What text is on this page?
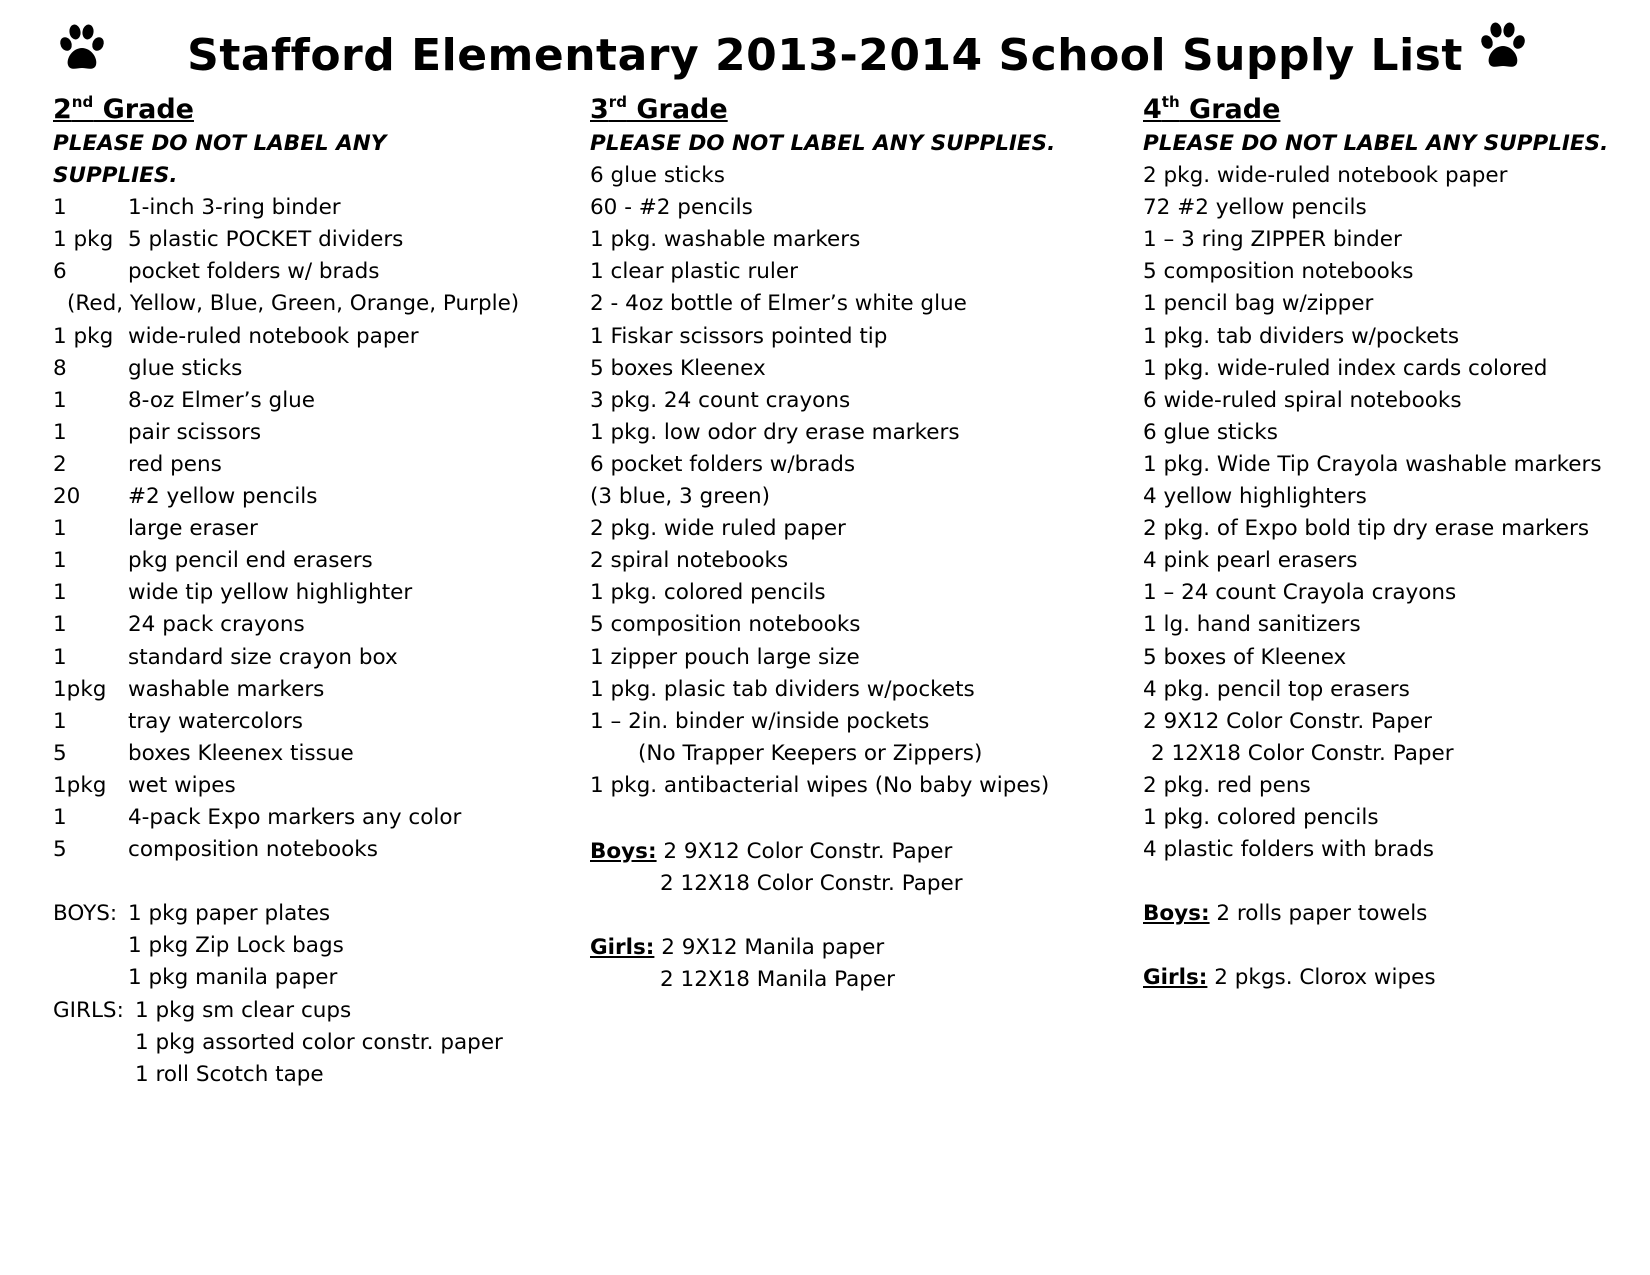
Stafford Elementary 2013-2014 School Supply List
2nd Grade
PLEASE DO NOT LABEL ANY
SUPPLIES.
1	1-inch 3-ring binder
1 pkg 5 plastic POCKET dividers
6	pocket folders w/ brads
(Red, Yellow, Blue, Green, Orange, Purple)
1 pkg wide-ruled notebook paper
8	glue sticks
1	8-oz Elmer’s glue
1	pair scissors
2	red pens
20 #2 yellow pencils
1	large eraser
1	pkg pencil end erasers
1	wide tip yellow highlighter
1	24 pack crayons
1	standard size crayon box
1pkg washable markers
1	tray watercolors
5	boxes Kleenex tissue
1pkg wet wipes
1	4-pack Expo markers any color
5	composition notebooks
BOYS: 1 pkg paper plates
1 pkg Zip Lock bags
1 pkg manila paper
GIRLS: 1 pkg sm clear cups
1 pkg assorted color constr. paper
1 roll Scotch tape
3rd Grade
PLEASE DO NOT LABEL ANY SUPPLIES.
6 glue sticks
60 - #2 pencils
1 pkg. washable markers
1 clear plastic ruler
2 - 4oz bottle of Elmer’s white glue
1 Fiskar scissors pointed tip
5 boxes Kleenex
3 pkg. 24 count crayons
1 pkg. low odor dry erase markers
6 pocket folders w/brads
(3 blue, 3 green)
2 pkg. wide ruled paper
2 spiral notebooks
1 pkg. colored pencils
5 composition notebooks
1 zipper pouch large size
1 pkg. plasic tab dividers w/pockets
1 – 2in. binder w/inside pockets
(No Trapper Keepers or Zippers)
1 pkg. antibacterial wipes (No baby wipes)
Boys: 2 9X12 Color Constr. Paper
2 12X18 Color Constr. Paper
Girls: 2 9X12 Manila paper
2 12X18 Manila Paper
4th Grade
PLEASE DO NOT LABEL ANY SUPPLIES.
2 pkg. wide-ruled notebook paper
72 #2 yellow pencils
1 – 3 ring ZIPPER binder
5 composition notebooks
1 pencil bag w/zipper
1 pkg. tab dividers w/pockets
1 pkg. wide-ruled index cards colored
6 wide-ruled spiral notebooks
6 glue sticks
1 pkg. Wide Tip Crayola washable markers
4 yellow highlighters
2 pkg. of Expo bold tip dry erase markers
4 pink pearl erasers
1 – 24 count Crayola crayons
1 lg. hand sanitizers
5 boxes of Kleenex
4 pkg. pencil top erasers
2 9X12 Color Constr. Paper
2 12X18 Color Constr. Paper
2 pkg. red pens
1 pkg. colored pencils
4 plastic folders with brads
Boys: 2 rolls paper towels
Girls: 2 pkgs. Clorox wipes
